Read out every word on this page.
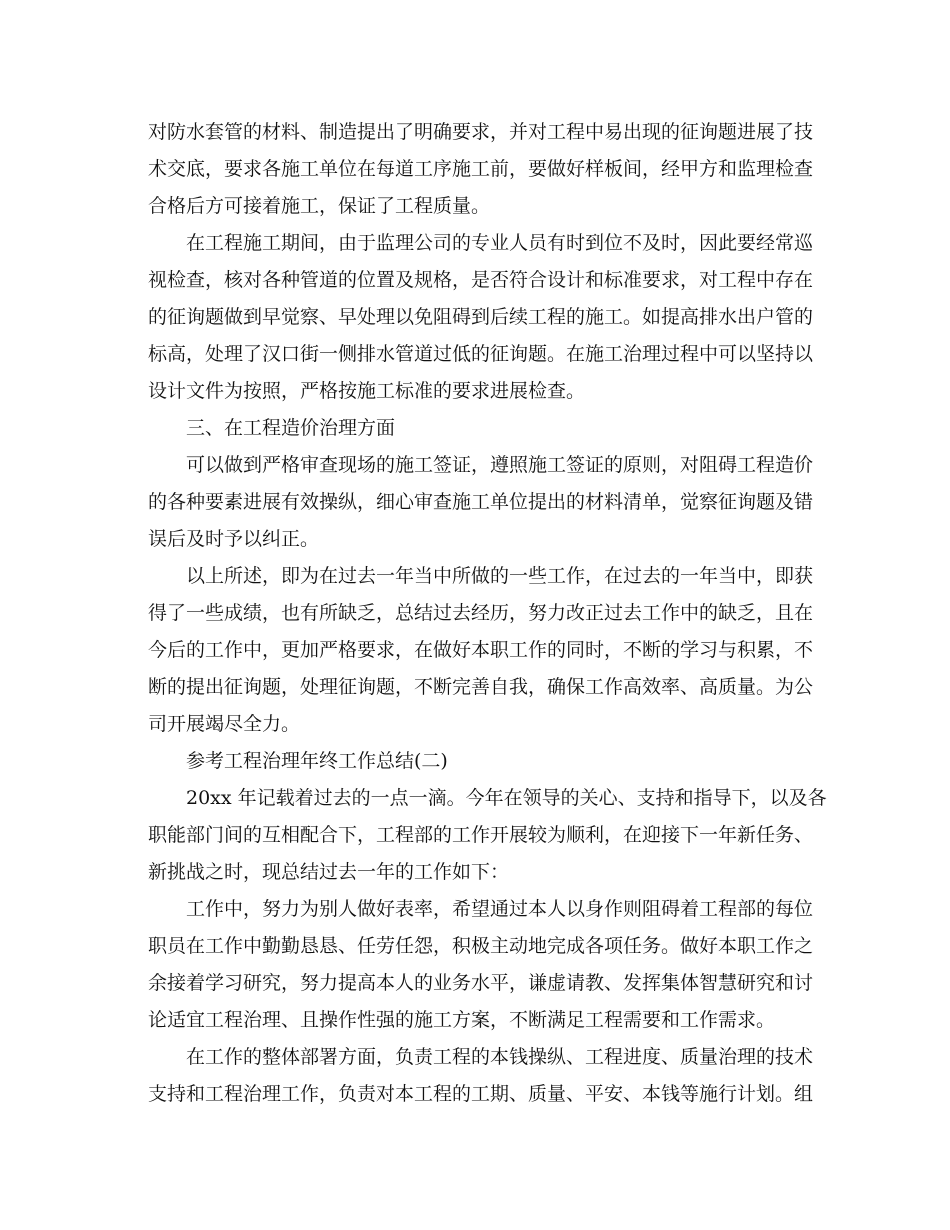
对防水套管的材料、制造提出了明确要求，并对工程中易出现的征询题进展了技
术交底，要求各施工单位在每道工序施工前，要做好样板间，经甲方和监理检查
合格后方可接着施工，保证了工程质量。
在工程施工期间，由于监理公司的专业人员有时到位不及时，因此要经常巡
视检查，核对各种管道的位置及规格，是否符合设计和标准要求，对工程中存在
的征询题做到早觉察、早处理以免阻碍到后续工程的施工。如提高排水出户管的
标高，处理了汉口街一侧排水管道过低的征询题。在施工治理过程中可以坚持以
设计文件为按照，严格按施工标准的要求进展检查。
三、在工程造价治理方面
可以做到严格审查现场的施工签证，遵照施工签证的原则，对阻碍工程造价
的各种要素进展有效操纵，细心审查施工单位提出的材料清单，觉察征询题及错
误后及时予以纠正。
以上所述，即为在过去一年当中所做的一些工作，在过去的一年当中，即获
得了一些成绩，也有所缺乏，总结过去经历，努力改正过去工作中的缺乏，且在
今后的工作中，更加严格要求，在做好本职工作的同时，不断的学习与积累，不
断的提出征询题，处理征询题，不断完善自我，确保工作高效率、高质量。为公
司开展竭尽全力。
参考工程治理年终工作总结(二)
20xx 年记载着过去的一点一滴。今年在领导的关心、支持和指导下，以及各
职能部门间的互相配合下，工程部的工作开展较为顺利，在迎接下一年新任务、
新挑战之时，现总结过去一年的工作如下：
工作中，努力为别人做好表率，希望通过本人以身作则阻碍着工程部的每位
职员在工作中勤勤恳恳、任劳任怨，积极主动地完成各项任务。做好本职工作之
余接着学习研究，努力提高本人的业务水平，谦虚请教、发挥集体智慧研究和讨
论适宜工程治理、且操作性强的施工方案，不断满足工程需要和工作需求。
在工作的整体部署方面，负责工程的本钱操纵、工程进度、质量治理的技术
支持和工程治理工作，负责对本工程的工期、质量、平安、本钱等施行计划。组
